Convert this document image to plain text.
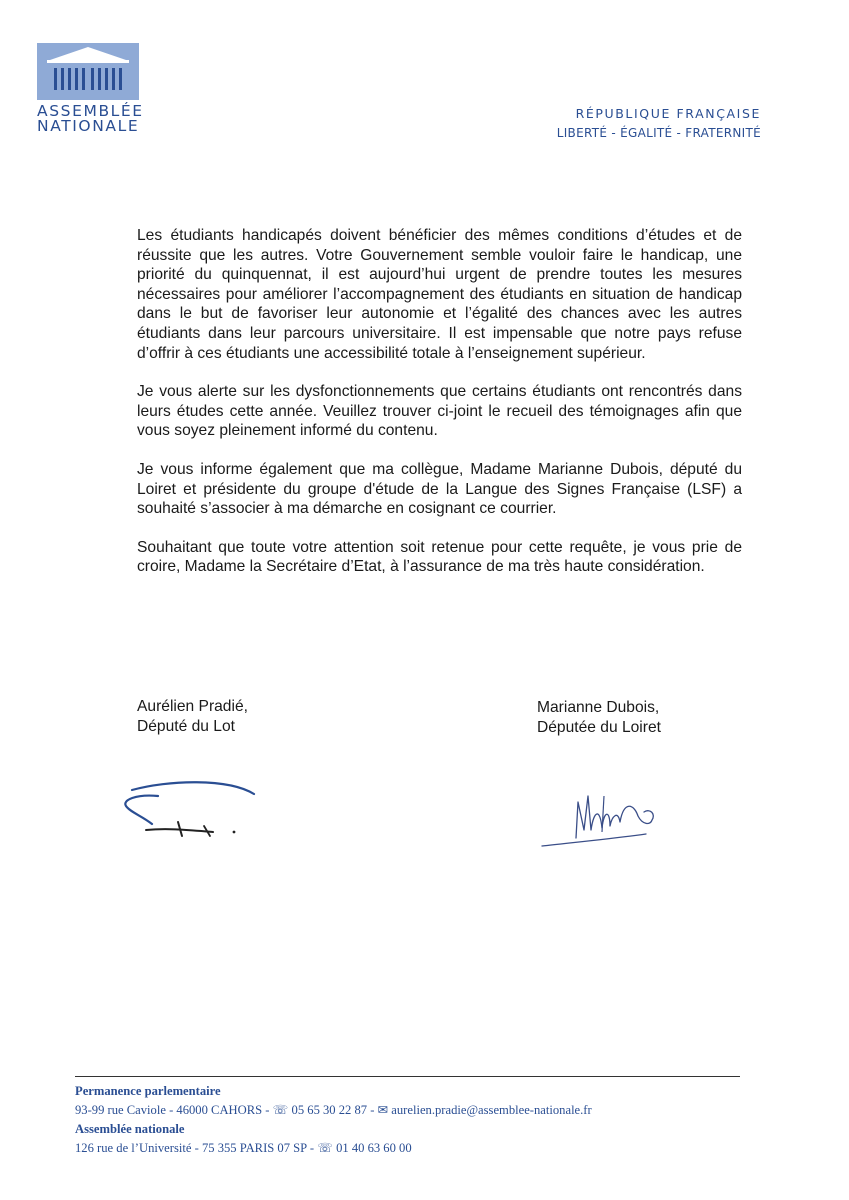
ASSEMBLÉE
NATIONALE
RÉPUBLIQUE FRANÇAISE
LIBERTÉ - ÉGALITÉ - FRATERNITÉ

Les étudiants handicapés doivent bénéficier des mêmes conditions d’études et de réussite que les autres. Votre Gouvernement semble vouloir faire le handicap, une priorité du quinquennat, il est aujourd’hui urgent de prendre toutes les mesures nécessaires pour améliorer l’accompagnement des étudiants en situation de handicap dans le but de favoriser leur autonomie et l’égalité des chances avec les autres étudiants dans leur parcours universitaire. Il est impensable que notre pays refuse d’offrir à ces étudiants une accessibilité totale à l’enseignement supérieur.

Je vous alerte sur les dysfonctionnements que certains étudiants ont rencontrés dans leurs études cette année. Veuillez trouver ci-joint le recueil des témoignages afin que vous soyez pleinement informé du contenu.

Je vous informe également que ma collègue, Madame Marianne Dubois, député du Loiret et présidente du groupe d'étude de la Langue des Signes Française (LSF) a souhaité s’associer à ma démarche en cosignant ce courrier.

Souhaitant que toute votre attention soit retenue pour cette requête, je vous prie de croire, Madame la Secrétaire d’Etat, à l’assurance de ma très haute considération.

Aurélien Pradié,
Député du Lot
Marianne Dubois,
Députée du Loiret
Permanence parlementaire
93-99 rue Caviole - 46000 CAHORS - ☏ 05 65 30 22 87 - ✉ aurelien.pradie@assemblee-nationale.fr
Assemblée nationale
126 rue de l’Université - 75 355 PARIS 07 SP - ☏ 01 40 63 60 00
